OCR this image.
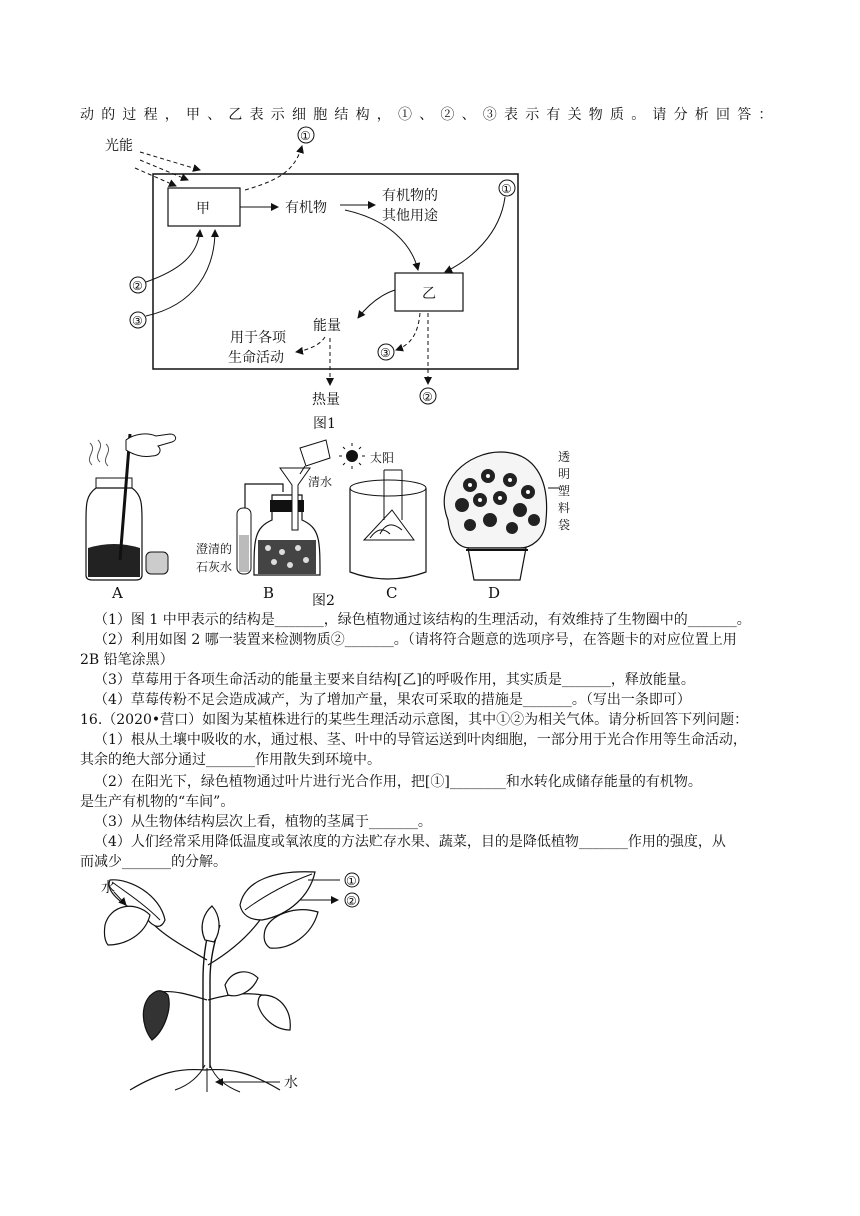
动的过程，甲、乙表示细胞结构，①、②、③表示有关物质。请分析回答：
光能
甲
乙
①
有机物
有机物的
其他用途
①
②
③	能量
用于各项
生命活动
热量
③
②
图1
清水
澄清的
石灰水
太阳	透
明
塑
料
袋
A	B	C	D
图2
（1）图 1 中甲表示的结构是_______，绿色植物通过该结构的生理活动，有效维持了生物圈中的_______。
（2）利用如图 2 哪一装置来检测物质②_______。（请将符合题意的选项序号，在答题卡的对应位置上用
2B 铅笔涂黑）
（3）草莓用于各项生命活动的能量主要来自结构[乙]的呼吸作用，其实质是_______，释放能量。
（4）草莓传粉不足会造成减产，为了增加产量，果农可采取的措施是_______。（写出一条即可）
16.（2020•营口）如图为某植株进行的某些生理活动示意图，其中①②为相关气体。请分析回答下列问题：
（1）根从土壤中吸收的水，通过根、茎、叶中的导管运送到叶肉细胞，一部分用于光合作用等生命活动，
其余的绝大部分通过_______作用散失到环境中。
（2）在阳光下，绿色植物通过叶片进行光合作用，把[①]________和水转化成储存能量的有机物。
是生产有机物的“车间”。
（3）从生物体结构层次上看，植物的茎属于_______。
（4）人们经常采用降低温度或氧浓度的方法贮存水果、蔬菜，目的是降低植物_______作用的强度，从
而减少_______的分解。
水	①
②
水
